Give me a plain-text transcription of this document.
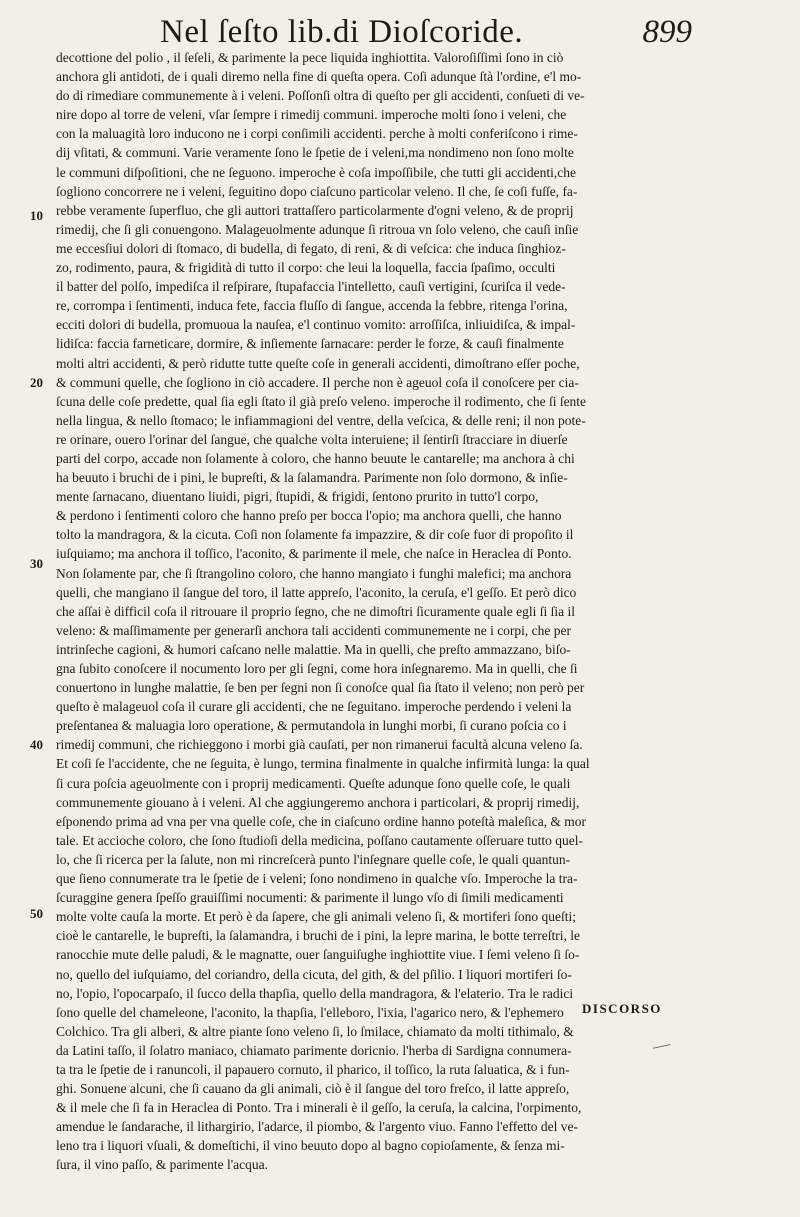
Nel ſeſto lib.di Dioſcoride.	899
10
20
30
40
50
decottione del polio , il ſeſeli, & parimente la pece liquida inghiottita. Valoroſiſſimi ſono in ciò
anchora gli antidoti, de i quali diremo nella fine di queſta opera. Coſi adunque ſtà l'ordine, e'l mo-
do di rimediare communemente à i veleni. Poſſonſi oltra di queſto per gli accidenti, conſueti di ve-
nire dopo al torre de veleni, vſar ſempre i rimedij communi. imperoche molti ſono i veleni, che
con la maluagità loro inducono ne i corpi conſimili accidenti. perche à molti conferiſcono i rime-
dij vſitati, & communi. Varie veramente ſono le ſpetie de i veleni,ma nondimeno non ſono molte
le communi diſpoſitioni, che ne ſeguono. imperoche è coſa impoſſibile, che tutti gli accidenti,che
ſogliono concorrere ne i veleni, ſeguitino dopo ciaſcuno particolar veleno. Il che, ſe coſi fuſſe, fa-
rebbe veramente ſuperfluo, che gli auttori trattaſſero particolarmente d'ogni veleno, & de proprij
rimedij, che ſi gli conuengono. Malageuolmente adunque ſi ritroua vn ſolo veleno, che cauſi inſie
me eccesſiui dolori di ſtomaco, di budella, di fegato, di reni, & di veſcica: che induca ſinghioz-
zo, rodimento, paura, & frigidità di tutto il corpo: che leui la loquella, faccia ſpaſimo, occulti
il batter del polſo, impediſca il reſpirare, ſtupafaccia l'intelletto, cauſi vertigini, ſcuriſca il vede-
re, corrompa i ſentimenti, induca fete, faccia fluſſo di ſangue, accenda la febbre, ritenga l'orina,
ecciti dolori di budella, promuoua la nauſea, e'l continuo vomito: arroſſiſca, inliuidiſca, & impal-
lidiſca: faccia farneticare, dormire, & inſiemente ſarnacare: perder le forze, & cauſi finalmente
molti altri accidenti, & però ridutte tutte queſte coſe in generali accidenti, dimoſtrano eſſer poche,
& communi quelle, che ſogliono in ciò accadere. Il perche non è ageuol coſa il conoſcere per cia-
ſcuna delle coſe predette, qual ſia egli ſtato il già preſo veleno. imperoche il rodimento, che ſi ſente
nella lingua, & nello ſtomaco; le infiammagioni del ventre, della veſcica, & delle reni; il non pote-
re orinare, ouero l'orinar del ſangue, che qualche volta interuiene; il ſentirſi ſtracciare in diuerſe
parti del corpo, accade non ſolamente à coloro, che hanno beuute le cantarelle; ma anchora à chi
ha beuuto i bruchi de i pini, le bupreſti, & la ſalamandra. Parimente non ſolo dormono, & inſie-
mente ſarnacano, diuentano liuidi, pigri, ſtupidi, & frigidi, ſentono prurito in tutto'l corpo,
& perdono i ſentimenti coloro che hanno preſo per bocca l'opio; ma anchora quelli, che hanno
tolto la mandragora, & la cicuta. Coſi non ſolamente fa impazzire, & dir coſe fuor di propoſito il
iuſquiamo; ma anchora il toſſico, l'aconito, & parimente il mele, che naſce in Heraclea di Ponto.
Non ſolamente par, che ſi ſtrangolino coloro, che hanno mangiato i funghi malefici; ma anchora
quelli, che mangiano il ſangue del toro, il latte appreſo, l'aconito, la ceruſa, e'l geſſo. Et però dico
che aſſai è difficil coſa il ritrouare il proprio ſegno, che ne dimoſtri ſicuramente quale egli ſi ſia il
veleno: & maſſimamente per generarſi anchora tali accidenti communemente ne i corpi, che per
intrinſeche cagioni, & humori caſcano nelle malattie. Ma in quelli, che preſto ammazzano, biſo-
gna ſubito conoſcere il nocumento loro per gli ſegni, come hora inſegnaremo. Ma in quelli, che ſi
conuertono in lunghe malattie, ſe ben per ſegni non ſi conoſce qual ſia ſtato il veleno; non però per
queſto è malageuol coſa il curare gli accidenti, che ne ſeguitano. imperoche perdendo i veleni la
preſentanea & maluagia loro operatione, & permutandola in lunghi morbi, ſi curano poſcia co i
rimedij communi, che richieggono i morbi già cauſati, per non rimanerui facultà alcuna veleno ſa.
Et coſi ſe l'accidente, che ne ſeguita, è lungo, termina finalmente in qualche infirmità lunga: la qual
ſi cura poſcia ageuolmente con i proprij medicamenti. Queſte adunque ſono quelle coſe, le quali
communemente giouano à i veleni. Al che aggiungeremo anchora i particolari, & proprij rimedij,
eſponendo prima ad vna per vna quelle coſe, che in ciaſcuno ordine hanno poteſtà maleſica, & mor
tale. Et accioche coloro, che ſono ſtudioſi della medicina, poſſano cautamente oſſeruare tutto quel-
lo, che ſi ricerca per la ſalute, non mi rincreſcerà punto l'inſegnare quelle coſe, le quali quantun-
que ſieno connumerate tra le ſpetie de i veleni; ſono nondimeno in qualche vſo. Imperoche la tra-
ſcuraggine genera ſpeſſo grauiſſimi nocumenti: & parimente il lungo vſo di ſimili medicamenti
molte volte cauſa la morte. Et però è da ſapere, che gli animali veleno ſi, & mortiferi ſono queſti;
cioè le cantarelle, le bupreſti, la ſalamandra, i bruchi de i pini, la lepre marina, le botte terreſtri, le
ranocchie mute delle paludi, & le magnatte, ouer ſanguiſughe inghiottite viue. I ſemi veleno ſi ſo-
no, quello del iuſquiamo, del coriandro, della cicuta, del gith, & del pſilio. I liquori mortiferi ſo-
no, l'opio, l'opocarpaſo, il ſucco della thapſia, quello della mandragora, & l'elaterio. Tra le radici
ſono quelle del chameleone, l'aconito, la thapſia, l'elleboro, l'ixia, l'agarico nero, & l'ephemero
Colchico. Tra gli alberi, & altre piante ſono veleno ſi, lo ſmilace, chiamato da molti tithimalo, &
da Latini taſſo, il ſolatro maniaco, chiamato parimente doricnio. l'herba di Sardigna connumera-
ta tra le ſpetie de i ranuncoli, il papauero cornuto, il pharico, il toſſico, la ruta ſaluatica, & i fun-
ghi. Sonuene alcuni, che ſi cauano da gli animali, ciò è il ſangue del toro freſco, il latte appreſo,
& il mele che ſi fa in Heraclea di Ponto. Tra i minerali è il geſſo, la ceruſa, la calcina, l'orpimento,
amendue le ſandarache, il lithargirio, l'adarce, il piombo, & l'argento viuo. Fanno l'effetto del ve-
leno tra i liquori vſuali, & domeſtichi, il vino beuuto dopo al bagno copioſamente, & ſenza mi-
ſura, il vino paſſo, & parimente l'acqua.
DISCORSO
